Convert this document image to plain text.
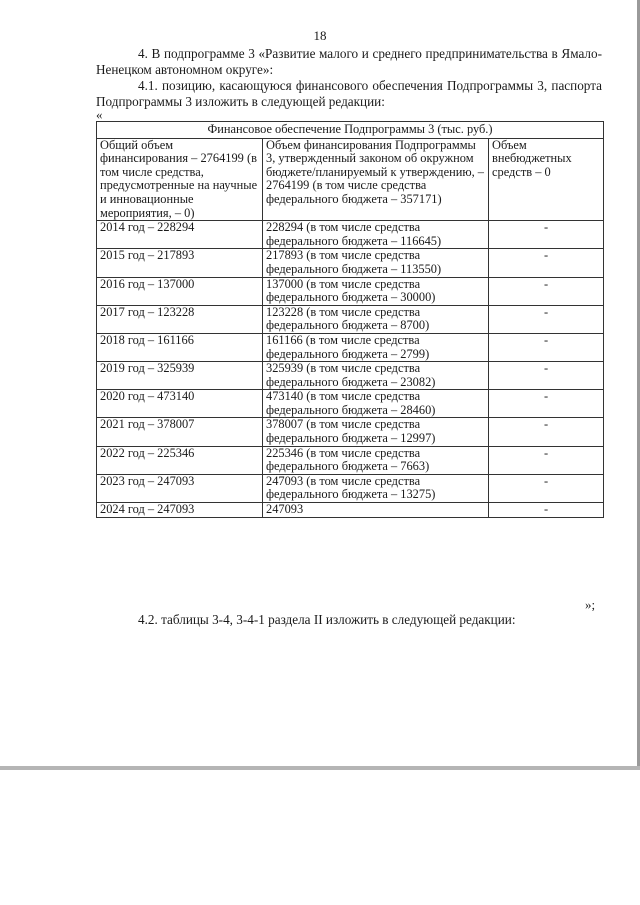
18
4. В подпрограмме 3 «Развитие малого и среднего предпринимательства в Ямало-Ненецком автономном округе»:
4.1. позицию, касающуюся финансового обеспечения Подпрограммы 3, паспорта Подпрограммы 3 изложить в следующей редакции:
«
Финансовое обеспечение Подпрограммы 3 (тыс. руб.)		
Общий объем финансирования – 2764199 (в том числе средства, предусмотренные на научные и инновационные мероприятия, – 0)	Объем финансирования Подпрограммы 3, утвержденный законом об окружном бюджете/планируемый к утверждению, – 2764199 (в том числе средства федерального бюджета – 357171)	Объем внебюджетных средств – 0
2014 год – 228294	228294 (в том числе средства федерального бюджета – 116645)	-
2015 год – 217893	217893 (в том числе средства федерального бюджета – 113550)	-
2016 год – 137000	137000 (в том числе средства федерального бюджета – 30000)	-
2017 год – 123228	123228 (в том числе средства федерального бюджета – 8700)	-
2018 год – 161166	161166 (в том числе средства федерального бюджета – 2799)	-
2019 год – 325939	325939 (в том числе средства федерального бюджета – 23082)	-
2020 год – 473140	473140 (в том числе средства федерального бюджета – 28460)	-
2021 год – 378007	378007 (в том числе средства федерального бюджета – 12997)	-
2022 год – 225346	225346 (в том числе средства федерального бюджета – 7663)	-
2023 год – 247093	247093 (в том числе средства федерального бюджета – 13275)	-
2024 год – 247093	247093	-
»;
4.2. таблицы 3-4, 3-4-1 раздела II изложить в следующей редакции:
